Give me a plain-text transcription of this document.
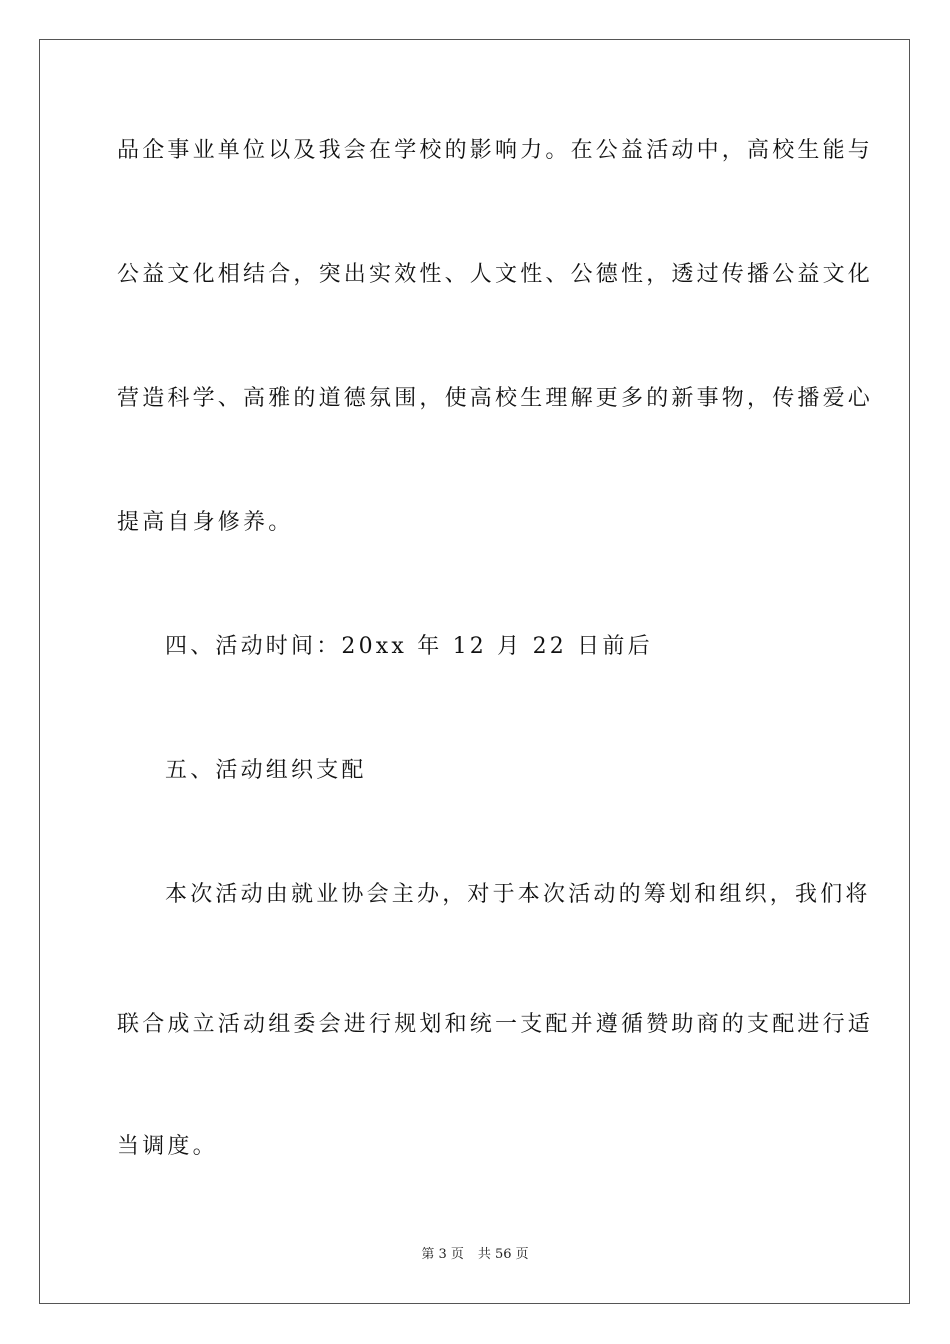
品企事业单位以及我会在学校的影响力。在公益活动中，高校生能与
公益文化相结合，突出实效性、人文性、公德性，透过传播公益文化
营造科学、高雅的道德氛围，使高校生理解更多的新事物，传播爱心
提高自身修养。
四、活动时间：20xx 年 12 月 22 日前后
五、活动组织支配
本次活动由就业协会主办，对于本次活动的筹划和组织，我们将
联合成立活动组委会进行规划和统一支配并遵循赞助商的支配进行适
当调度。
第 3 页 共 56 页
